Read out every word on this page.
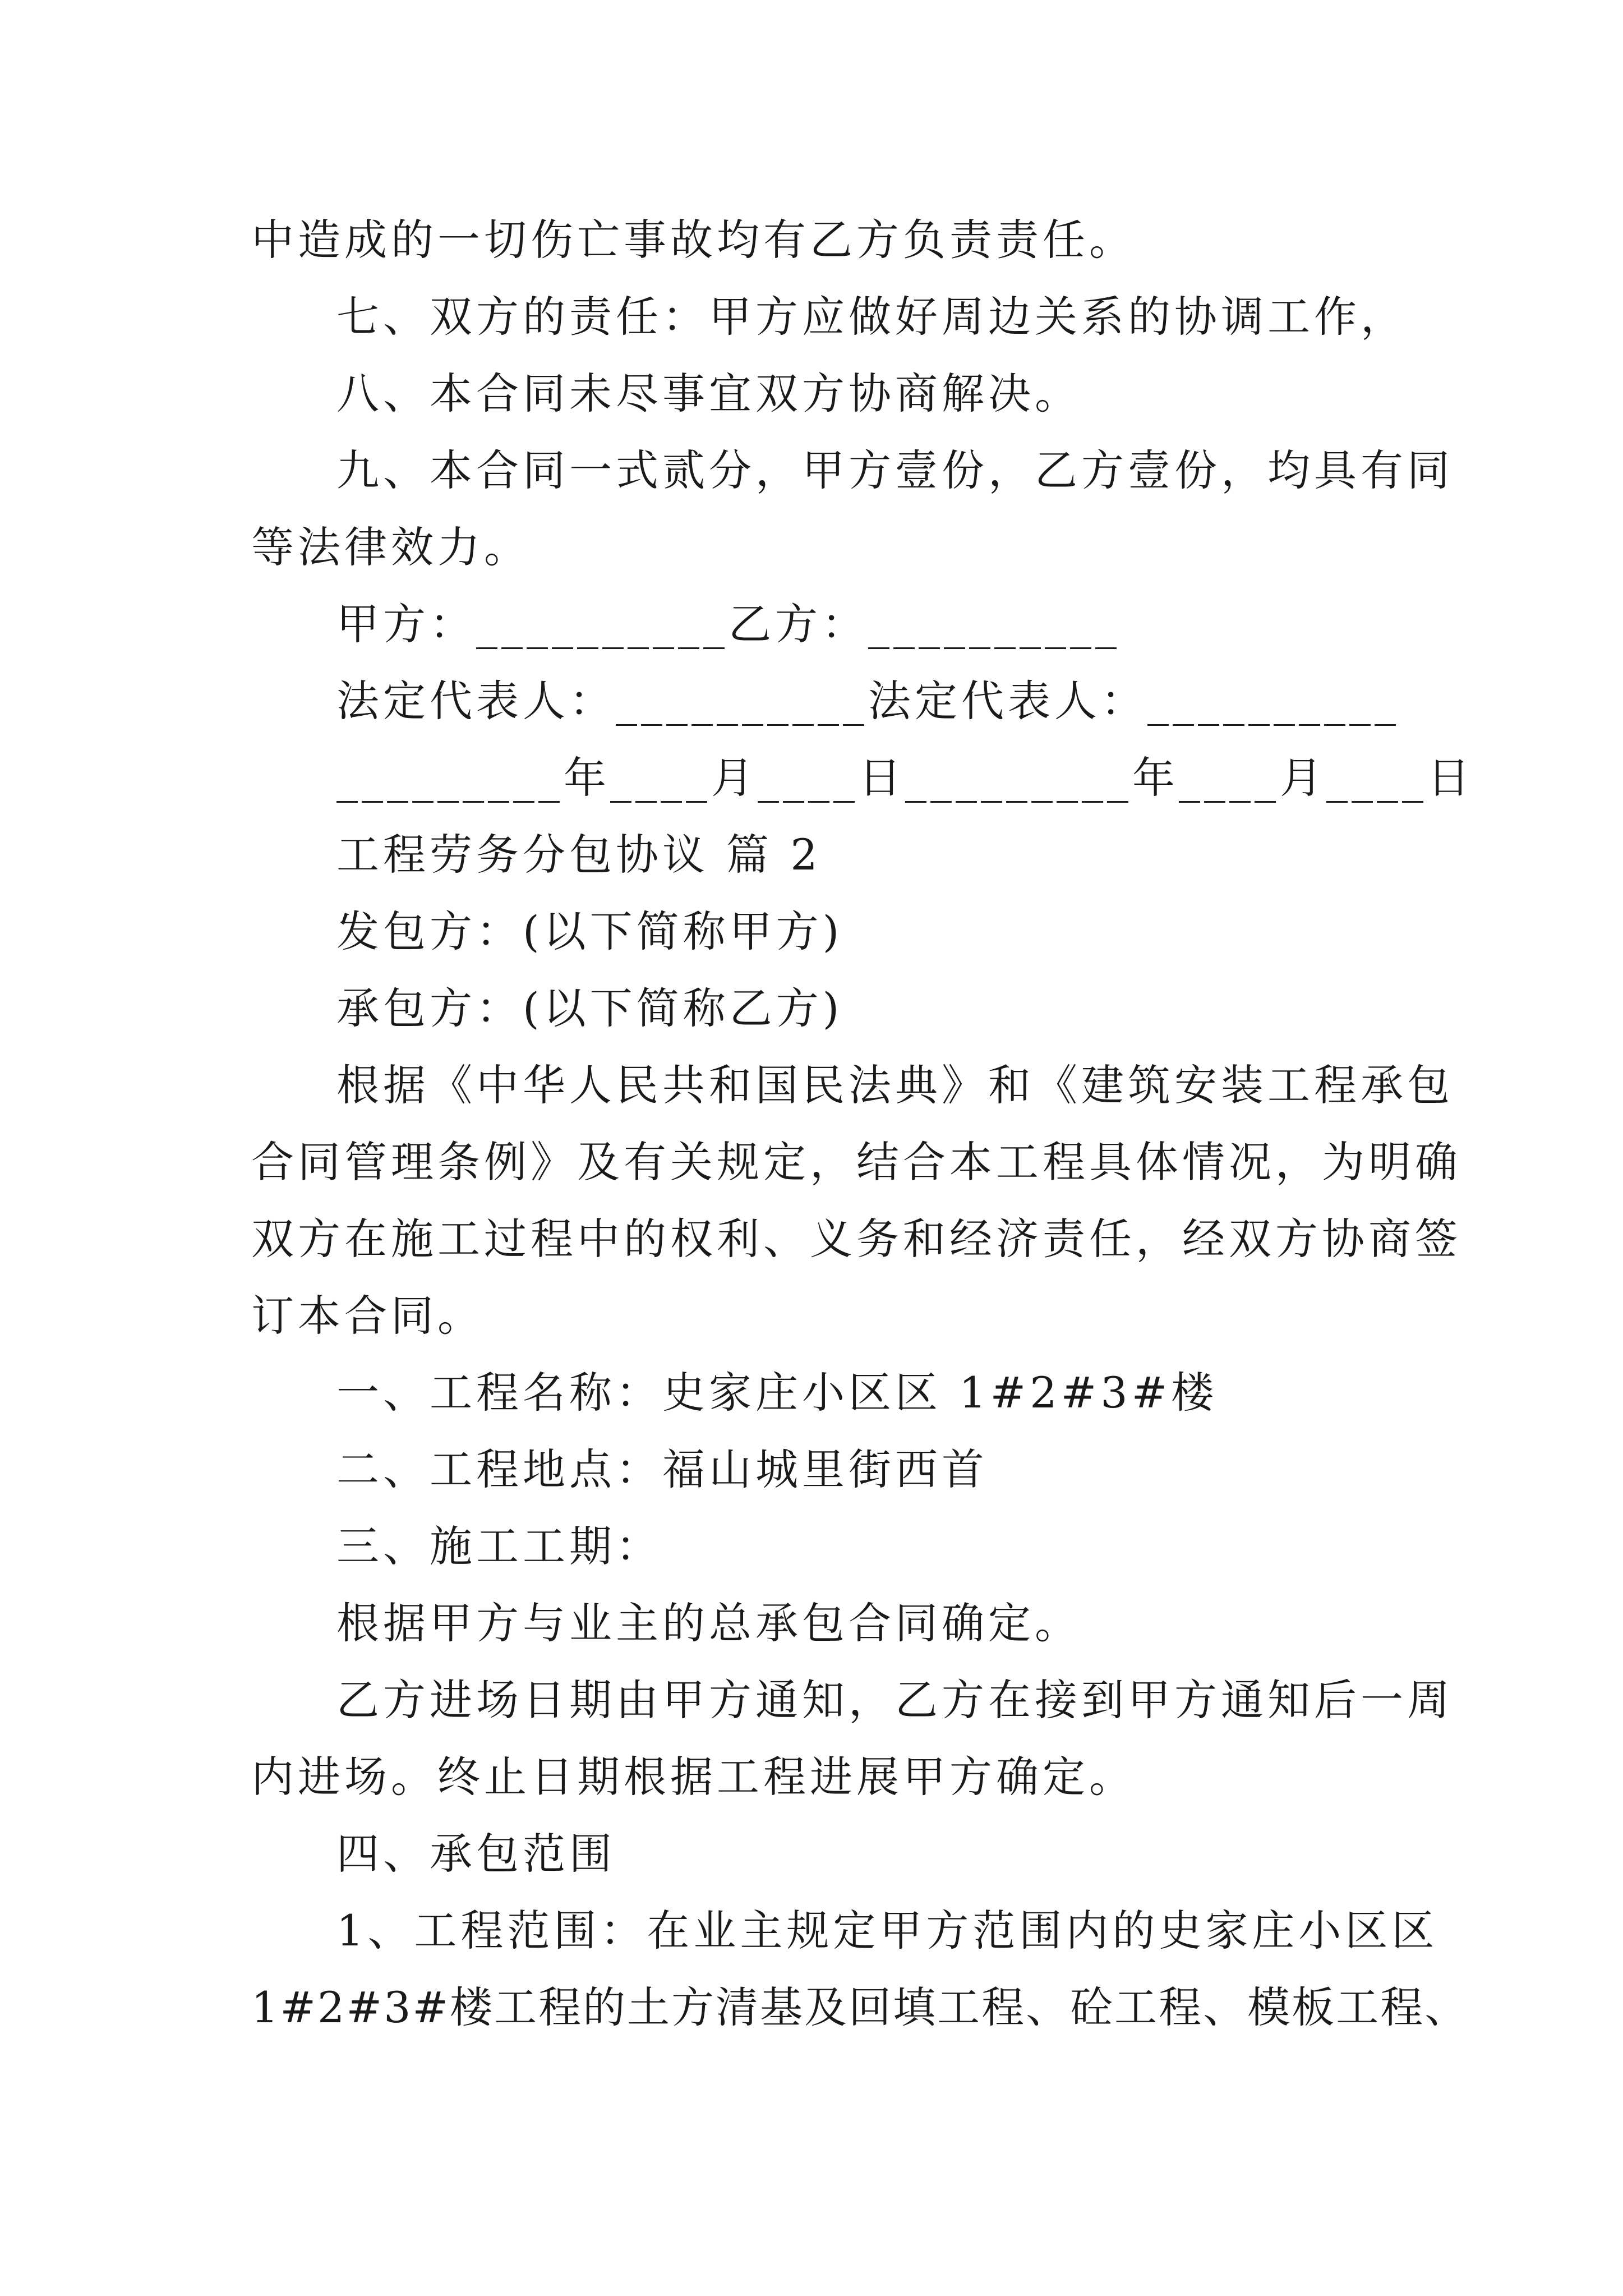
中造成的一切伤亡事故均有乙方负责责任。
七、双方的责任：甲方应做好周边关系的协调工作，
八、本合同未尽事宜双方协商解决。
九、本合同一式贰分，甲方壹份，乙方壹份，均具有同
等法律效力。
甲方：__________乙方：__________
法定代表人：__________法定代表人：__________
_________年____月____日_________年____月____日
工程劳务分包协议 篇 2
发包方：(以下简称甲方)
承包方：(以下简称乙方)
根据《中华人民共和国民法典》和《建筑安装工程承包
合同管理条例》及有关规定，结合本工程具体情况，为明确
双方在施工过程中的权利、义务和经济责任，经双方协商签
订本合同。
一、工程名称：史家庄小区区 1#2#3#楼
二、工程地点：福山城里街西首
三、施工工期：
根据甲方与业主的总承包合同确定。
乙方进场日期由甲方通知，乙方在接到甲方通知后一周
内进场。终止日期根据工程进展甲方确定。
四、承包范围
1、工程范围：在业主规定甲方范围内的史家庄小区区
1#2#3#楼工程的土方清基及回填工程、砼工程、模板工程、
